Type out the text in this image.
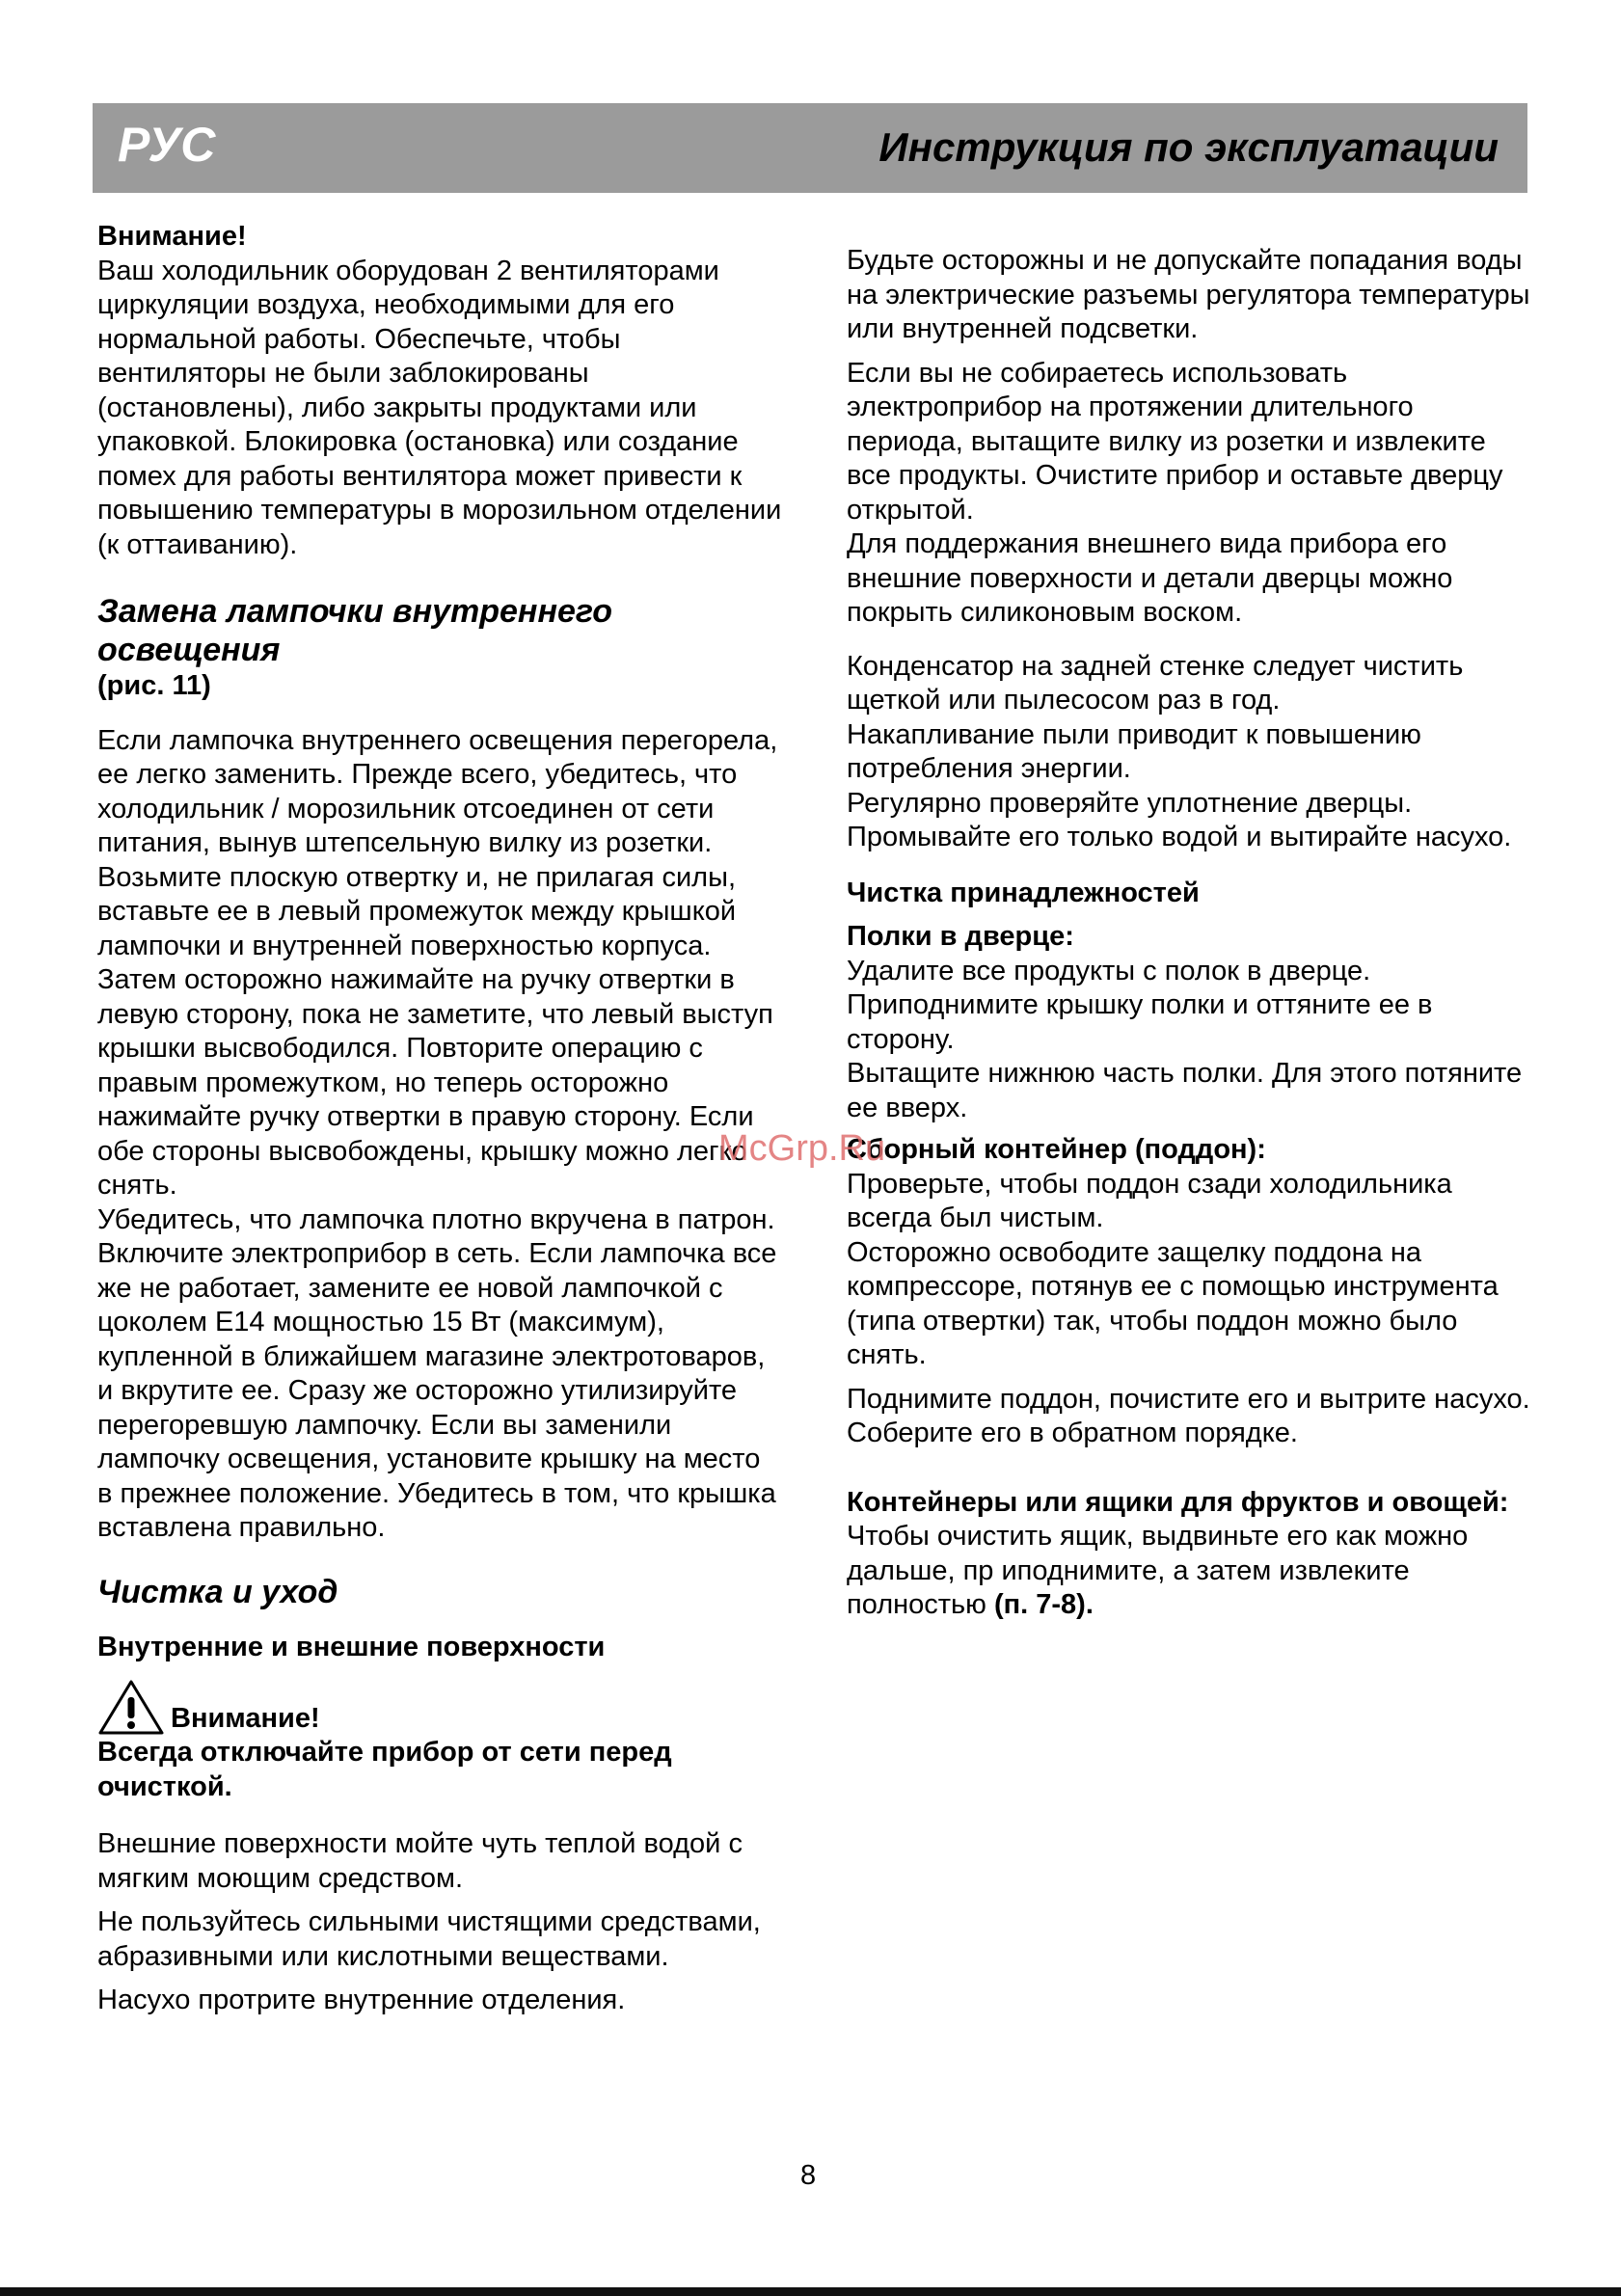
РУС	Инструкция по эксплуатации

Внимание!

Ваш холодильник оборудован 2 вентиляторами циркуляции воздуха, необходимыми для его нормальной работы. Обеспечьте, чтобы вентиляторы не были заблокированы (остановлены), либо закрыты продуктами или упаковкой. Блокировка (остановка) или создание помех для работы вентилятора может привести к повышению температуры в морозильном отделении (к оттаиванию).

Замена лампочки внутреннего освещения

(рис. 11)

Если лампочка внутреннего освещения перегорела, ее легко заменить. Прежде всего, убедитесь, что холодильник / морозильник отсоединен от сети питания, вынув штепсельную вилку из розетки. Возьмите плоскую отвертку и, не прилагая силы, вставьте ее в левый промежуток между крышкой лампочки и внутренней поверхностью корпуса. Затем осторожно нажимайте на ручку отвертки в левую сторону, пока не заметите, что левый выступ крышки высвободился. Повторите операцию с правым промежутком, но теперь осторожно нажимайте ручку отвертки в правую сторону. Если обе стороны высвобождены, крышку можно легко снять.

Убедитесь, что лампочка плотно вкручена в патрон. Включите электроприбор в сеть. Если лампочка все же не работает, замените ее новой лампочкой с цоколем E14 мощностью 15 Вт (максимум), купленной в ближайшем магазине электротоваров, и вкрутите ее. Сразу же осторожно утилизируйте перегоревшую лампочку. Если вы заменили лампочку освещения, установите крышку на место в прежнее положение. Убедитесь в том, что крышка вставлена правильно.

Чистка и уход

Внутренние и внешние поверхности

Внимание!

Всегда отключайте прибор от сети перед очисткой.

Внешние поверхности мойте чуть теплой водой с мягким моющим средством.

Не пользуйтесь сильными чистящими средствами, абразивными или кислотными веществами.

Насухо протрите внутренние отделения.

Будьте осторожны и не допускайте попадания воды на электрические разъемы регулятора температуры или внутренней подсветки.

Если вы не собираетесь использовать электроприбор на протяжении длительного периода, вытащите вилку из розетки и извлеките все продукты. Очистите прибор и оставьте дверцу открытой.

Для поддержания внешнего вида прибора его внешние поверхности и детали дверцы можно покрыть силиконовым воском.

Конденсатор на задней стенке следует чистить щеткой или пылесосом раз в год.

Накапливание пыли приводит к повышению потребления энергии.

Регулярно проверяйте уплотнение дверцы. Промывайте его только водой и вытирайте насухо.

Чистка принадлежностей

Полки в дверце:

Удалите все продукты с полок в дверце.

Приподнимите крышку полки и оттяните ее в сторону.

Вытащите нижнюю часть полки. Для этого потяните ее вверх.

Сборный контейнер (поддон):

Проверьте, чтобы поддон сзади холодильника всегда был чистым.

Осторожно освободите защелку поддона на компрессоре, потянув ее с помощью инструмента (типа отвертки) так, чтобы поддон можно было снять.

Поднимите поддон, почистите его и вытрите насухо.

Соберите его в обратном порядке.

Контейнеры или ящики для фруктов и овощей:

Чтобы очистить ящик, выдвиньте его как можно дальше, пр иподнимите, а затем извлеките полностью (п. 7-8).

McGrp.Ru
8
